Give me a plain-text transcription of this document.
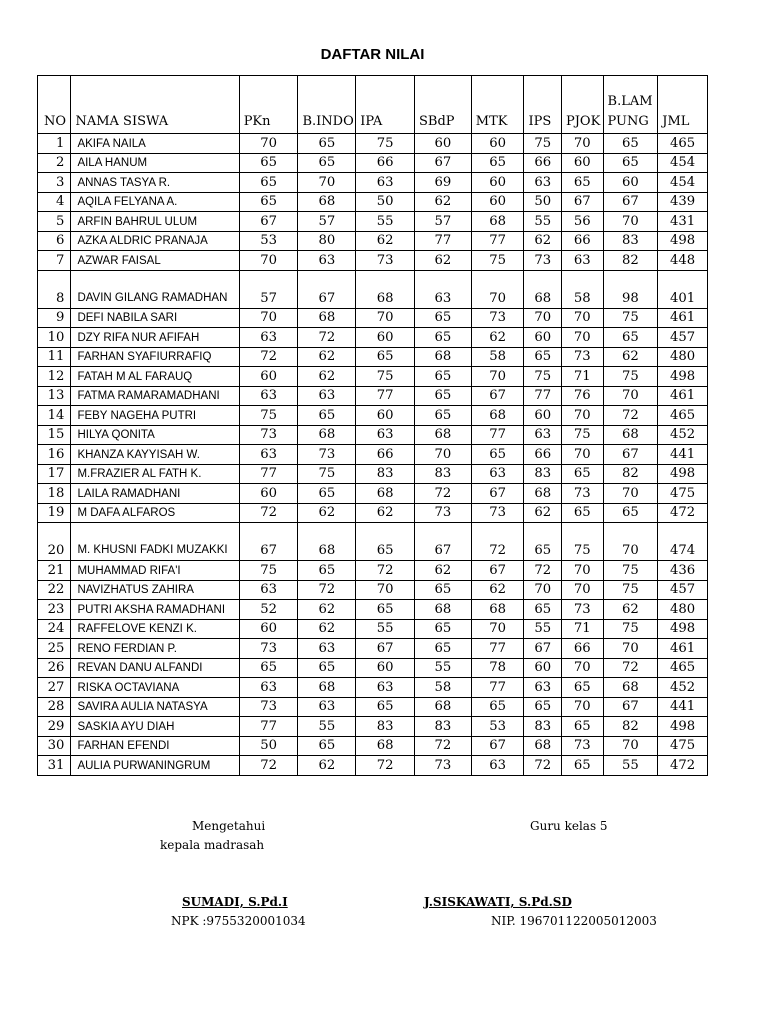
DAFTAR NILAI
NO	NAMA SISWA	PKn	B.INDO	IPA	SBdP	MTK	IPS	PJOK	B.LAMPUNG	JML
1	AKIFA NAILA	70	65	75	60	60	75	70	65	465
2	AILA HANUM	65	65	66	67	65	66	60	65	454
3	ANNAS TASYA R.	65	70	63	69	60	63	65	60	454
4	AQILA FELYANA A.	65	68	50	62	60	50	67	67	439
5	ARFIN BAHRUL ULUM	67	57	55	57	68	55	56	70	431
6	AZKA ALDRIC PRANAJA	53	80	62	77	77	62	66	83	498
7	AZWAR FAISAL	70	63	73	62	75	73	63	82	448
8	DAVIN GILANG RAMADHAN	57	67	68	63	70	68	58	98	401
9	DEFI NABILA SARI	70	68	70	65	73	70	70	75	461
10	DZY RIFA NUR AFIFAH	63	72	60	65	62	60	70	65	457
11	FARHAN SYAFIURRAFIQ	72	62	65	68	58	65	73	62	480
12	FATAH M AL FARAUQ	60	62	75	65	70	75	71	75	498
13	FATMA RAMARAMADHANI	63	63	77	65	67	77	76	70	461
14	FEBY NAGEHA PUTRI	75	65	60	65	68	60	70	72	465
15	HILYA QONITA	73	68	63	68	77	63	75	68	452
16	KHANZA KAYYISAH W.	63	73	66	70	65	66	70	67	441
17	M.FRAZIER AL FATH K.	77	75	83	83	63	83	65	82	498
18	LAILA RAMADHANI	60	65	68	72	67	68	73	70	475
19	M DAFA ALFAROS	72	62	62	73	73	62	65	65	472
20	M. KHUSNI FADKI MUZAKKI	67	68	65	67	72	65	75	70	474
21	MUHAMMAD RIFA'I	75	65	72	62	67	72	70	75	436
22	NAVIZHATUS ZAHIRA	63	72	70	65	62	70	70	75	457
23	PUTRI AKSHA RAMADHANI	52	62	65	68	68	65	73	62	480
24	RAFFELOVE KENZI K.	60	62	55	65	70	55	71	75	498
25	RENO FERDIAN P.	73	63	67	65	77	67	66	70	461
26	REVAN DANU ALFANDI	65	65	60	55	78	60	70	72	465
27	RISKA OCTAVIANA	63	68	63	58	77	63	65	68	452
28	SAVIRA AULIA NATASYA	73	63	65	68	65	65	70	67	441
29	SASKIA AYU DIAH	77	55	83	83	53	83	65	82	498
30	FARHAN EFENDI	50	65	68	72	67	68	73	70	475
31	AULIA PURWANINGRUM	72	62	72	73	63	72	65	55	472
Mengetahui
kepala madrasah
Guru kelas 5
SUMADI, S.Pd.I
NPK :9755320001034
J.SISKAWATI, S.Pd.SD
NIP. 196701122005012003
